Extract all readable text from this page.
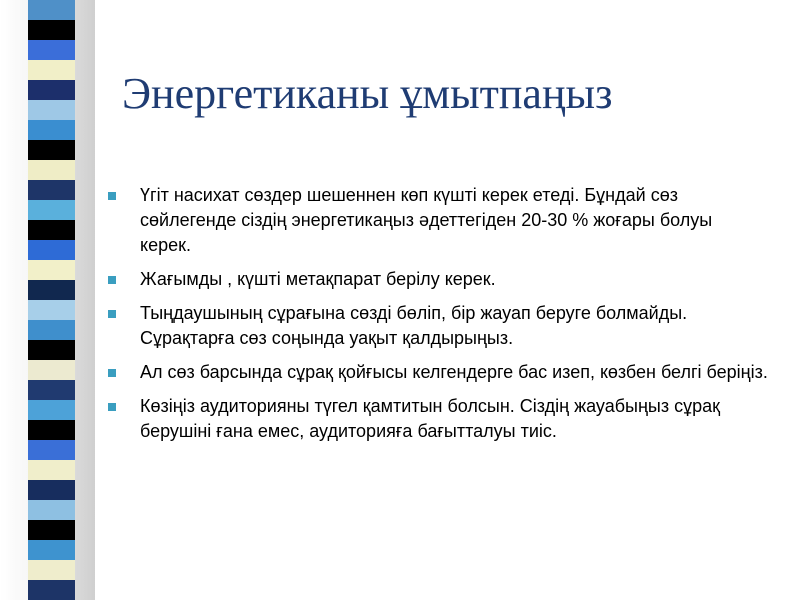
Энергетиканы ұмытпаңыз
Үгіт насихат сөздер шешеннен көп күшті керек етеді. Бұндай сөз сөйлегенде сіздің энергетикаңыз әдеттегіден 20-30 % жоғары болуы керек.
Жағымды , күшті метақпарат берілу керек.
Тыңдаушының сұрағына сөзді бөліп, бір жауап беруге болмайды. Сұрақтарға сөз соңында уақыт қалдырыңыз.
Ал сөз барсында сұрақ қойғысы келгендерге бас изеп, көзбен белгі беріңіз.
Көзіңіз аудиторияны түгел қамтитын болсын. Сіздің жауабыңыз сұрақ берушіні ғана емес, аудиторияға бағытталуы тиіс.
